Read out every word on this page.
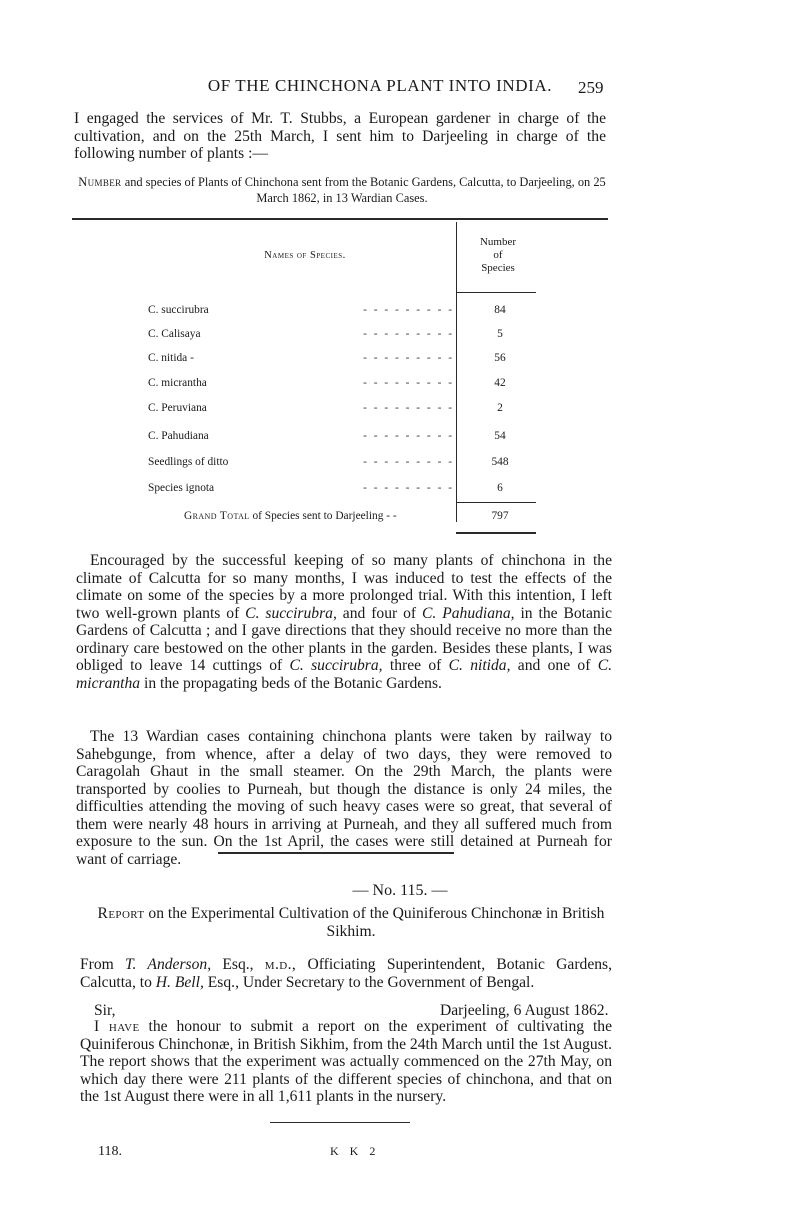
OF THE CHINCHONA PLANT INTO INDIA.	259
I engaged the services of Mr. T. Stubbs, a European gardener in charge of the cultivation, and on the 25th March, I sent him to Darjeeling in charge of the following number of plants :—
Number and species of Plants of Chinchona sent from the Botanic Gardens, Calcutta, to Darjeeling, on 25 March 1862, in 13 Wardian Cases.
Names of Species.
Number
of
Species
C. succirubra	- - - - - - - - -	84
C. Calisaya	- - - - - - - - -	5
C. nitida -	- - - - - - - - -	56
C. micrantha	- - - - - - - - -	42
C. Peruviana	- - - - - - - - -	2
C. Pahudiana	- - - - - - - - -	54
Seedlings of ditto	- - - - - - - - -	548
Species ignota	- - - - - - - - -	6
Grand Total of Species sent to Darjeeling - -	797
Encouraged by the successful keeping of so many plants of chinchona in the climate of Calcutta for so many months, I was induced to test the effects of the climate on some of the species by a more prolonged trial. With this intention, I left two well-grown plants of C. succirubra, and four of C. Pahudiana, in the Botanic Gardens of Calcutta ; and I gave directions that they should receive no more than the ordinary care bestowed on the other plants in the garden. Besides these plants, I was obliged to leave 14 cuttings of C. succirubra, three of C. nitida, and one of C. micrantha in the propagating beds of the Botanic Gardens.
The 13 Wardian cases containing chinchona plants were taken by railway to Sahebgunge, from whence, after a delay of two days, they were removed to Caragolah Ghaut in the small steamer. On the 29th March, the plants were transported by coolies to Purneah, but though the distance is only 24 miles, the difficulties attending the moving of such heavy cases were so great, that several of them were nearly 48 hours in arriving at Purneah, and they all suffered much from exposure to the sun. On the 1st April, the cases were still detained at Purneah for want of carriage.
— No. 115. —
Report on the Experimental Cultivation of the Quiniferous Chinchonæ in British Sikhim.
From T. Anderson, Esq., m.d., Officiating Superintendent, Botanic Gardens, Calcutta, to H. Bell, Esq., Under Secretary to the Government of Bengal.
Sir,	Darjeeling, 6 August 1862.
I have the honour to submit a report on the experiment of cultivating the Quiniferous Chinchonæ, in British Sikhim, from the 24th March until the 1st August. The report shows that the experiment was actually commenced on the 27th May, on which day there were 211 plants of the different species of chinchona, and that on the 1st August there were in all 1,611 plants in the nursery.
118.	K K 2
